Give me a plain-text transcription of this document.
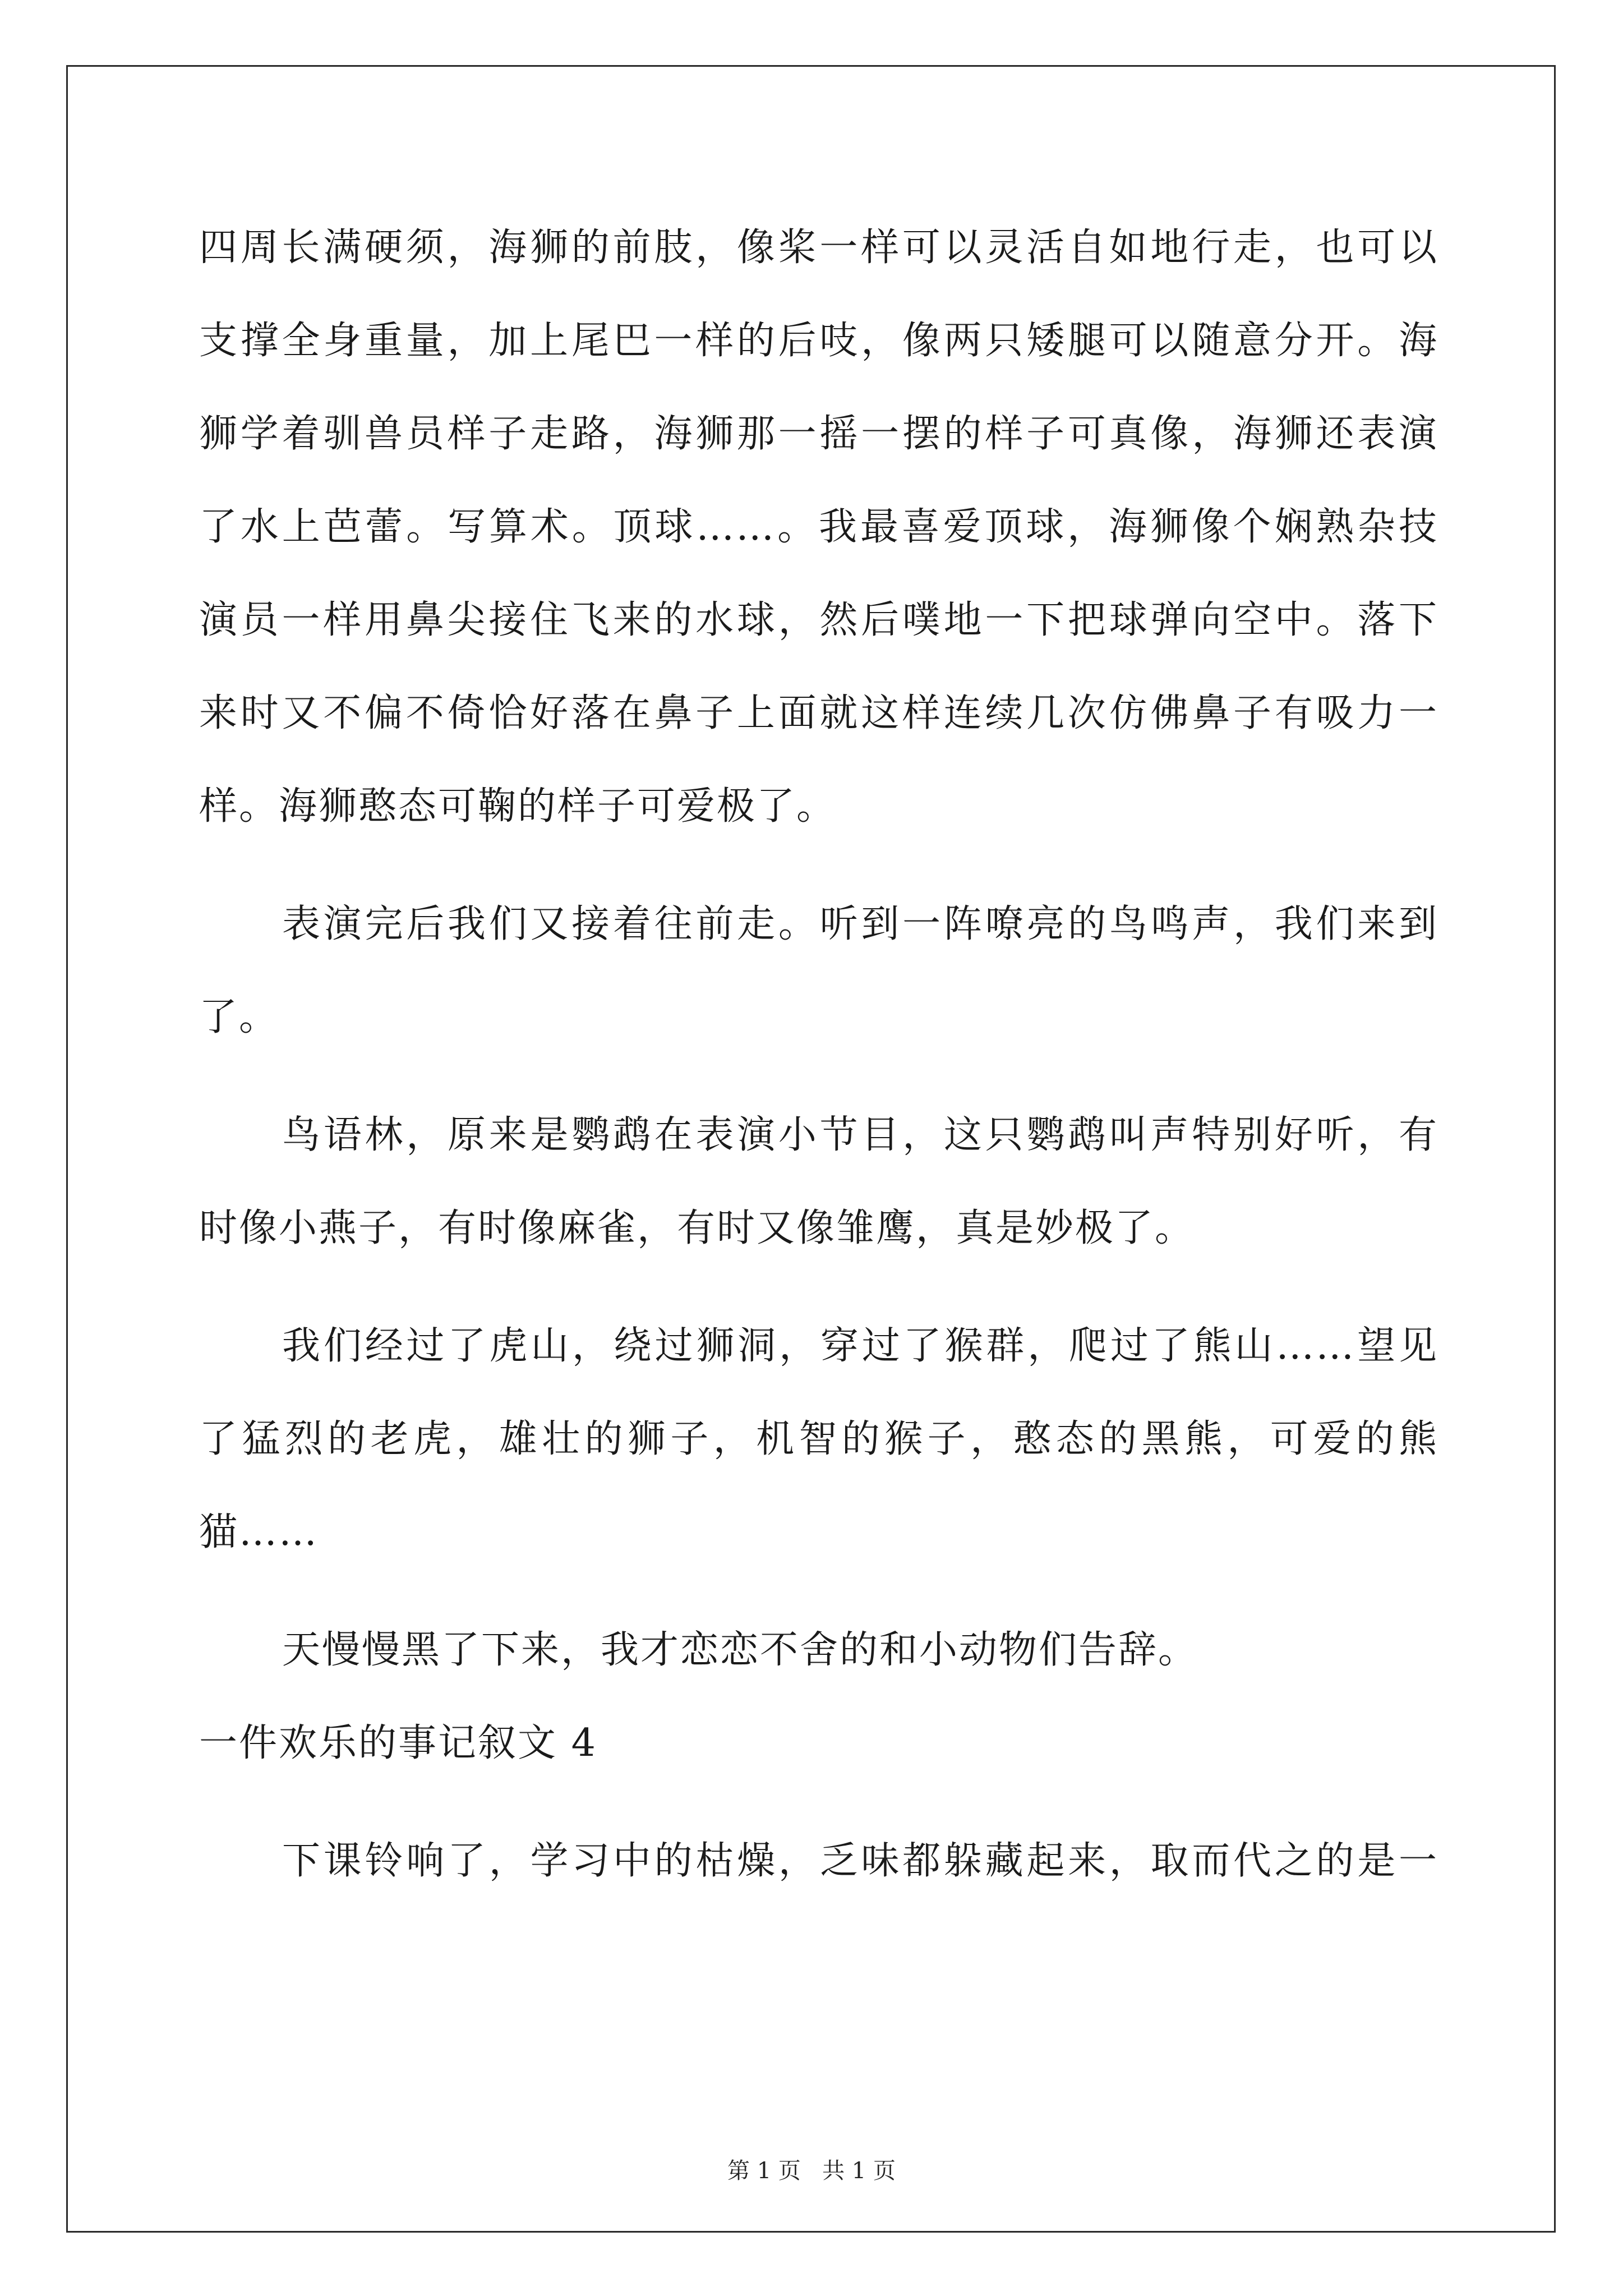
四周长满硬须，海狮的前肢，像桨一样可以灵活自如地行走，也可以
支撑全身重量，加上尾巴一样的后吱，像两只矮腿可以随意分开。海
狮学着驯兽员样子走路，海狮那一摇一摆的样子可真像，海狮还表演
了水上芭蕾。写算术。顶球……。我最喜爱顶球，海狮像个娴熟杂技
演员一样用鼻尖接住飞来的水球，然后噗地一下把球弹向空中。落下
来时又不偏不倚恰好落在鼻子上面就这样连续几次仿佛鼻子有吸力一
样。海狮憨态可鞠的样子可爱极了。
表演完后我们又接着往前走。听到一阵嘹亮的鸟鸣声，我们来到
了。
鸟语林，原来是鹦鹉在表演小节目，这只鹦鹉叫声特别好听，有
时像小燕子，有时像麻雀，有时又像雏鹰，真是妙极了。
我们经过了虎山，绕过狮洞，穿过了猴群，爬过了熊山……望见
了猛烈的老虎，雄壮的狮子，机智的猴子，憨态的黑熊，可爱的熊
猫……
天慢慢黑了下来，我才恋恋不舍的和小动物们告辞。
一件欢乐的事记叙文 4
下课铃响了，学习中的枯燥，乏味都躲藏起来，取而代之的是一
第 1 页   共 1 页
